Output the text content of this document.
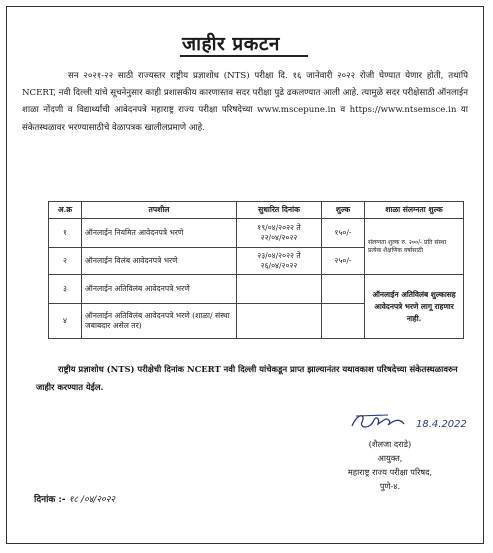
जाहीर प्रकटन
सन २०२१-२२ साठी राज्यस्तर राष्ट्रीय प्रज्ञाशोध (NTS) परीक्षा दि. १६ जानेवारी २०२२ रोजी घेण्यात येणार होती, तथापि NCERT, नवी दिल्ली यांचे सूचनेनुसार काही प्रशासकीय कारणास्तव सदर परीक्षा पुढे ढकलण्यात आली आहे. त्यामुळे सदर परीक्षेसाठी ऑनलाईन शाळा नोंदणी व विद्यार्थ्यांची आवेदनपत्रे महाराष्ट्र राज्य परीक्षा परिषदेच्या www.mscepune.in व https://www.ntsemsce.in या संकेतस्थळावर भरण्यासाठीचे वेळापत्रक खालीलप्रमाणे आहे.
अ.क्र	तपशील	सुधारित दिनांक	शुल्क	शाळा संलग्नता शुल्क
१	ऑनलाईन नियमित आवेदनपत्रे भरणे	१९/०४/२०२२ ते २२/०४/२०२२	१५०/-	संलग्नता शुल्क रु. २००/- प्रति संस्था प्रत्येक शैक्षणिक वर्षासाठी
२	ऑनलाईन विलंब आवेदनपत्रे भरणे	२३/०४/२०२२ ते २६/०४/२०२२	२५०/-	
३	ऑनलाईन अतिविलंब आवेदनपत्रे भरणे			ऑनलाईन अतिविलंब शुल्कासह आवेदनपत्रे भरणे लागू राहणार नाही.
४	ऑनलाईन अतिविलंब आवेदनपत्रे भरणे (शाळा/ संस्था जबाबदार असेल तर)			
राष्ट्रीय प्रज्ञाशोध (NTS) परीक्षेची दिनांक NCERT नवी दिल्ली यांचेकडून प्राप्त झाल्यानंतर यथावकाश परिषदेच्या संकेतस्थळावरुन जाहीर करण्यात येईल.
18.4.2022
(शैलजा दराडे)
आयुक्त,
महाराष्ट्र राज्य परीक्षा परिषद,
पुणे-४.
दिनांक :- १८ /०४/२०२२
